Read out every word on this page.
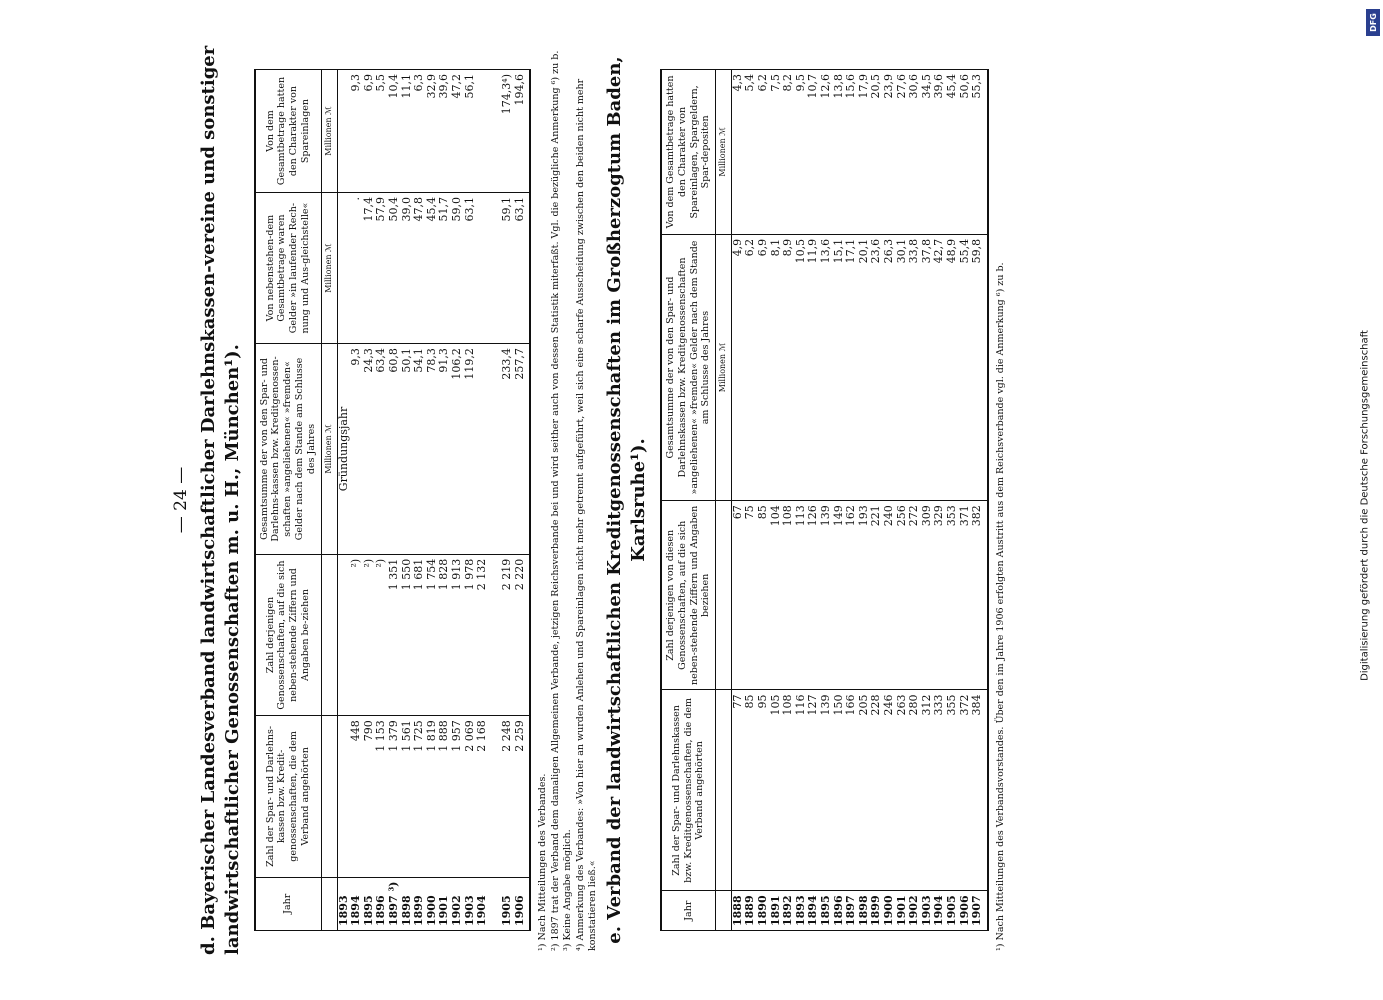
— 24 — d. Bayerischer Landesverband landwirtschaftlicher Darlehnskassen-vereine und sonstiger landwirtschaftlicher Genossenschaften m. u. H., München¹).	Jahr	Zahl der Spar- und Darlehns-kassen bzw. Kredit-genossenschaften, die dem Verband angehörten	Zahl derjenigen Genossenschaften, auf die sich neben-stehende Ziffern und Angaben be-ziehen	Gesamtsumme der von den Spar- und Darlehns-kassen bzw. Kreditgenossen-schaften »angeliehenen« »fremden« Gelder nach dem Stande am Schlusse des Jahres	Von nebenstehen-dem Gesamtbetrage waren Gelder »in laufender Rech-nung und Aus-gleichstelle«	Von dem Gesamtbetrage hatten den Charakter von Spareinlagen
			Millionen ℳ	Millionen ℳ	Millionen ℳ
1893			Gründungsjahr		
1894	448	²)	9,3	.	9,3
1895	790	²)	24,3	17,4	6,9
1896	1 153	²)	63,4	57,9	5,5
1897 ³)	1 379	1 351	60,8	50,4	10,4
1898	1 561	1 550	50,1	39,0	11,1
1899	1 725	1 681	54,1	47,8	6,3
1900	1 819	1 754	78,3	45,4	32,9
1901	1 888	1 828	91,3	51,7	39,6
1902	1 957	1 913	106,2	59,0	47,2
1903	2 069	1 978	119,2	63,1	56,1
1904	2 168	2 132			

1905	2 248	2 219	233,4	59,1	174,3⁴)
1906	2 259	2 220	257,7	63,1	194,6

¹) Nach Mitteilungen des Verbandes. ²) 1897 trat der Verband dem damaligen Allgemeinen Verbande, jetzigen Reichsverbande bei und wird seither auch von dessen Statistik miterfaßt. Vgl. die bezügliche Anmerkung ⁶) zu b. ³) Keine Angabe möglich. ⁴) Anmerkung des Verbandes: »Von hier an wurden Anlehen und Spareinlagen nicht mehr getrennt aufgeführt, weil sich eine scharfe Ausscheidung zwischen den beiden nicht mehr konstatieren ließ.« e. Verband der landwirtschaftlichen Kreditgenossenschaften im Großherzogtum Baden, Karlsruhe¹).
Jahr	Zahl der Spar- und Darlehnskassen bzw. Kreditgenossenschaften, die dem Verband angehörten	Zahl derjenigen von diesen Genossenschaften, auf die sich neben-stehende Ziffern und Angaben beziehen	Gesamtsumme der von den Spar- und Darlehnskassen bzw. Kreditgenossenschaften »angeliehenen« »fremden« Gelder nach dem Stande am Schlusse des Jahres	Von dem Gesamtbetrage hatten den Charakter von Spareinlagen, Spargeldern, Spar-depositen
			Millionen ℳ	Millionen ℳ
1888	77	67	4,9	4,3
1889	85	75	6,2	5,4
1890	95	85	6,9	6,2
1891	105	104	8,1	7,5
1892	108	108	8,9	8,2
1893	116	113	10,5	9,5
1894	127	126	11,9	10,7
1895	139	139	13,6	12,6
1896	150	149	15,1	13,8
1897	166	162	17,1	15,6
1898	205	193	20,1	17,9
1899	228	221	23,6	20,5
1900	246	240	26,3	23,9
1901	263	256	30,1	27,6
1902	280	272	33,8	30,6
1903	312	309	37,8	34,5
1904	333	329	42,7	39,6
1905	355	353	48,9	45,4
1906	372	371	55,4	50,6
1907	384	382	59,8	55,3

¹) Nach Mitteilungen des Verbandsvorstandes. Über den im Jahre 1906 erfolgten Austritt aus dem Reichsverbande vgl. die Anmerkung ⁶) zu b.

DFG
Digitalisierung gefördert durch die Deutsche Forschungsgemeinschaft
